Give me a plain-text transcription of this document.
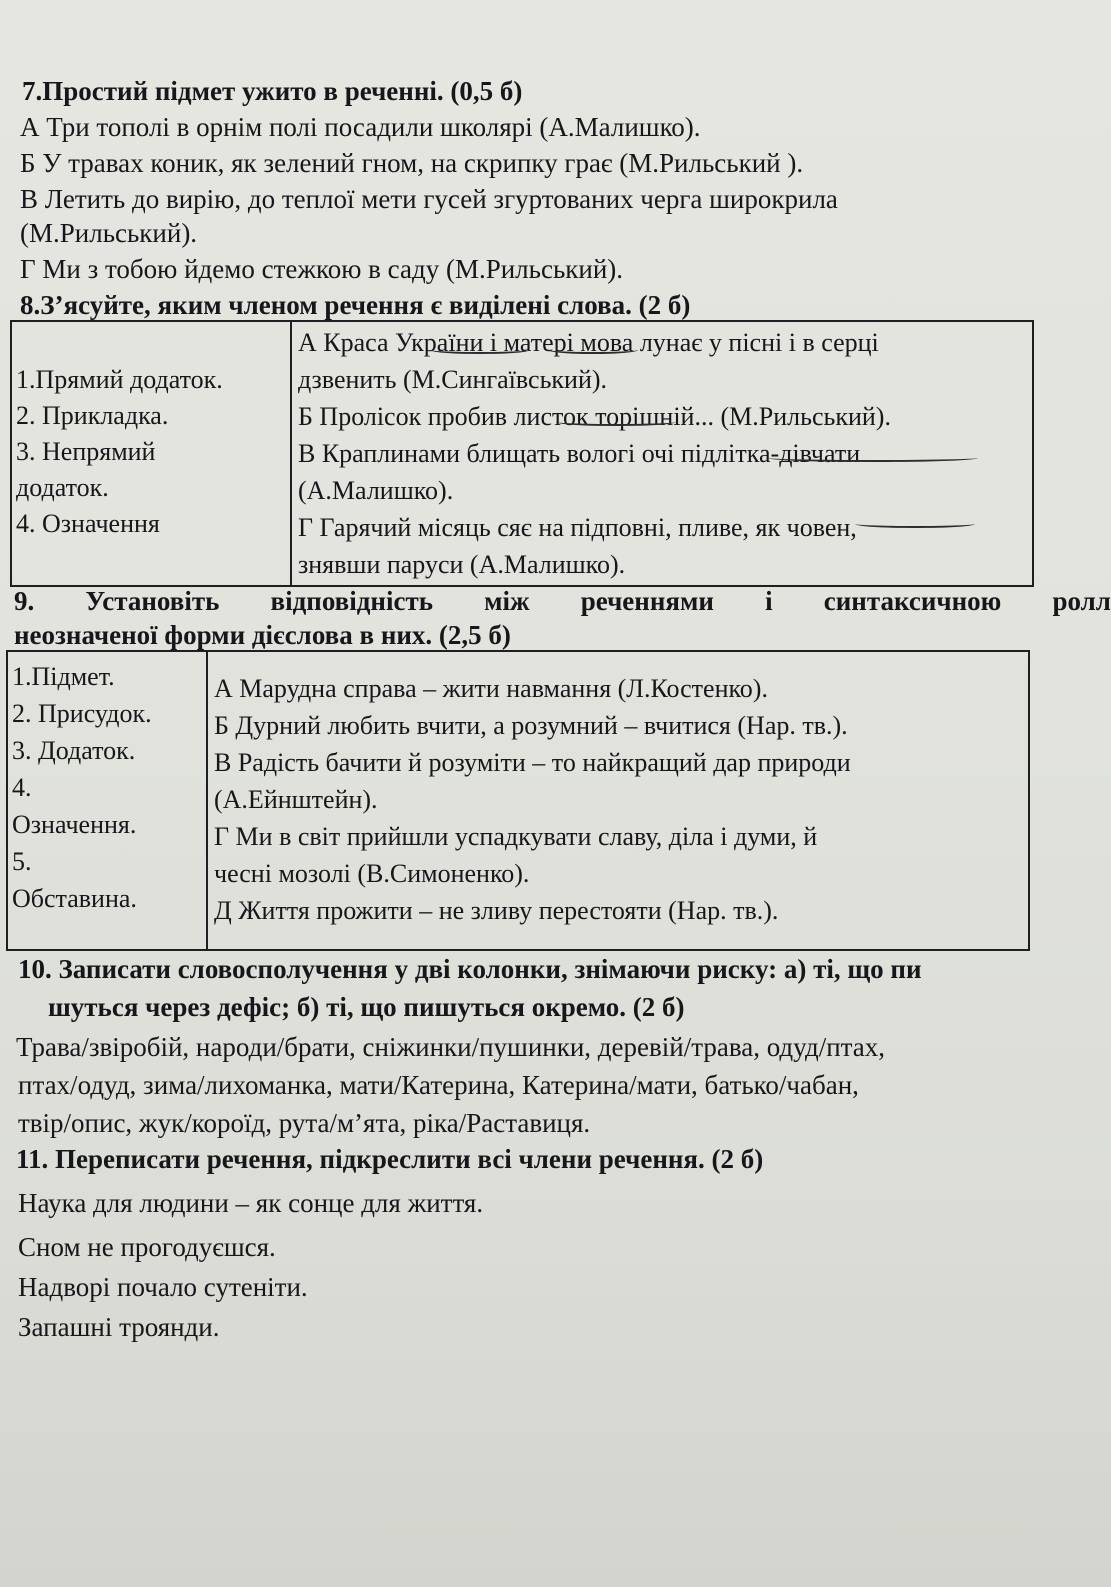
7.Простий підмет ужито в реченні. (0,5 б)
А Три тополі в орнім полі посадили школярі (А.Малишко).
Б У травах коник, як зелений гном, на скрипку грає (М.Рильський ).
В Летить до вирію, до теплої мети гусей згуртованих черга широкрила
(М.Рильський).
Г Ми з тобою йдемо стежкою в саду (М.Рильський).
8.З’ясуйте, яким членом речення є виділені слова. (2 б)
1.Прямий додаток.
2. Прикладка.
3. Непрямий
додаток.
4. Означення

А Краса України і матері мова лунає у пісні і в серці
дзвенить (М.Сингаївський).
Б Пролісок пробив листок торішній... (М.Рильський).
В Краплинами блищать вологі очі підлітка-дівчати
(А.Малишко).
Г Гарячий місяць сяє на підповні, пливе, як човен,
знявши паруси (А.Малишко).
9. Установіть відповідність між реченнями і синтаксичною ролл
неозначеної форми дієслова в них. (2,5 б)
1.Підмет.
2. Присудок.
3. Додаток.
4.
Означення.
5.
Обставина.

А Марудна справа – жити навмання (Л.Костенко).
Б Дурний любить вчити, а розумний – вчитися (Нар. тв.).
В Радість бачити й розуміти – то найкращий дар природи
(А.Ейнштейн).
Г Ми в світ прийшли успадкувати славу, діла і думи, й
чесні мозолі (В.Симоненко).
Д Життя прожити – не зливу перестояти (Нар. тв.).
10. Записати словосполучення у дві колонки, знімаючи риску: а) ті, що пи
шуться через дефіс; б) ті, що пишуться окремо. (2 б)
Трава/звіробій, народи/брати, сніжинки/пушинки, деревій/трава, одуд/птах,
птах/одуд, зима/лихоманка, мати/Катерина, Катерина/мати, батько/чабан,
твір/опис, жук/короїд, рута/м’ята, ріка/Раставиця.
11. Переписати речення, підкреслити всі члени речення. (2 б)
Наука для людини – як сонце для життя.
Сном не прогодуєшся.
Надворі почало сутеніти.
Запашні троянди.
